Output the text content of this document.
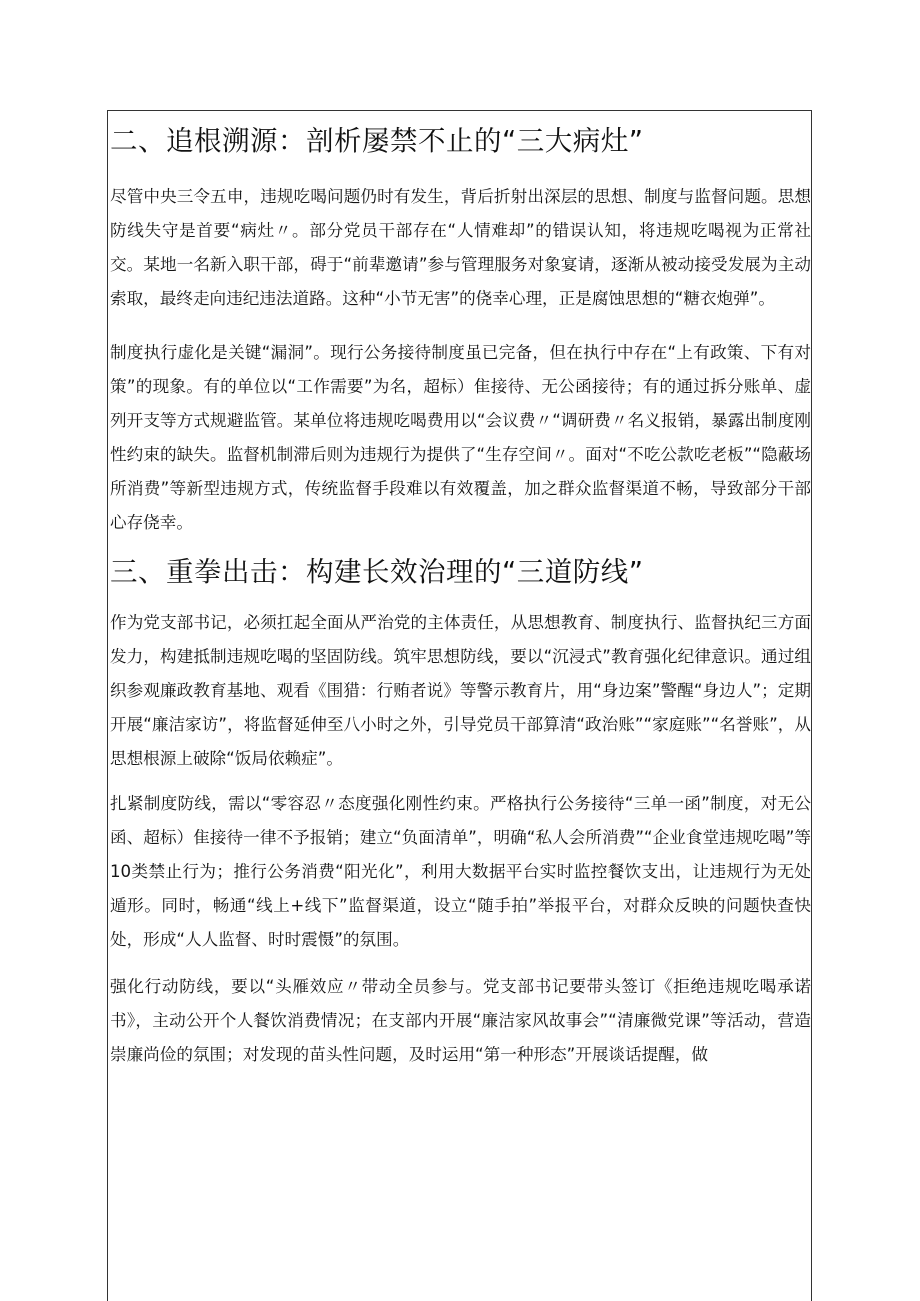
二、追根溯源：剖析屡禁不止的“三大病灶”

尽管中央三令五申，违规吃喝问题仍时有发生，背后折射出深层的思想、制度与监督问题。思想防线失守是首要“病灶〃。部分党员干部存在“人情难却”的错误认知，将违规吃喝视为正常社交。某地一名新入职干部，碍于“前辈邀请”参与管理服务对象宴请，逐渐从被动接受发展为主动索取，最终走向违纪违法道路。这种“小节无害”的侥幸心理，正是腐蚀思想的“糖衣炮弹”。

制度执行虚化是关键“漏洞”。现行公务接待制度虽已完备，但在执行中存在“上有政策、下有对策”的现象。有的单位以“工作需要”为名，超标）隹接待、无公函接待；有的通过拆分账单、虚列开支等方式规避监管。某单位将违规吃喝费用以“会议费〃“调研费〃名义报销，暴露出制度刚性约束的缺失。监督机制滞后则为违规行为提供了“生存空间〃。面对“不吃公款吃老板”“隐蔽场所消费”等新型违规方式，传统监督手段难以有效覆盖，加之群众监督渠道不畅，导致部分干部心存侥幸。

三、重拳出击：构建长效治理的“三道防线”

作为党支部书记，必须扛起全面从严治党的主体责任，从思想教育、制度执行、监督执纪三方面发力，构建抵制违规吃喝的坚固防线。筑牢思想防线，要以“沉浸式”教育强化纪律意识。通过组织参观廉政教育基地、观看《围猎：行贿者说》等警示教育片，用“身边案”警醒“身边人”；定期开展“廉洁家访”，将监督延伸至八小时之外，引导党员干部算清“政治账”“家庭账”“名誉账”，从思想根源上破除“饭局依赖症”。

扎紧制度防线，需以“零容忍〃态度强化刚性约束。严格执行公务接待“三单一函”制度，对无公函、超标）隹接待一律不予报销；建立“负面清单”，明确“私人会所消费”“企业食堂违规吃喝”等10类禁止行为；推行公务消费“阳光化”，利用大数据平台实时监控餐饮支出，让违规行为无处遁形。同时，畅通“线上+线下”监督渠道，设立“随手拍”举报平台，对群众反映的问题快查快处，形成“人人监督、时时震慑”的氛围。

强化行动防线，要以“头雁效应〃带动全员参与。党支部书记要带头签订《拒绝违规吃喝承诺书》，主动公开个人餐饮消费情况；在支部内开展“廉洁家风故事会”“清廉微党课”等活动，营造崇廉尚俭的氛围；对发现的苗头性问题，及时运用“第一种形态”开展谈话提醒，做
